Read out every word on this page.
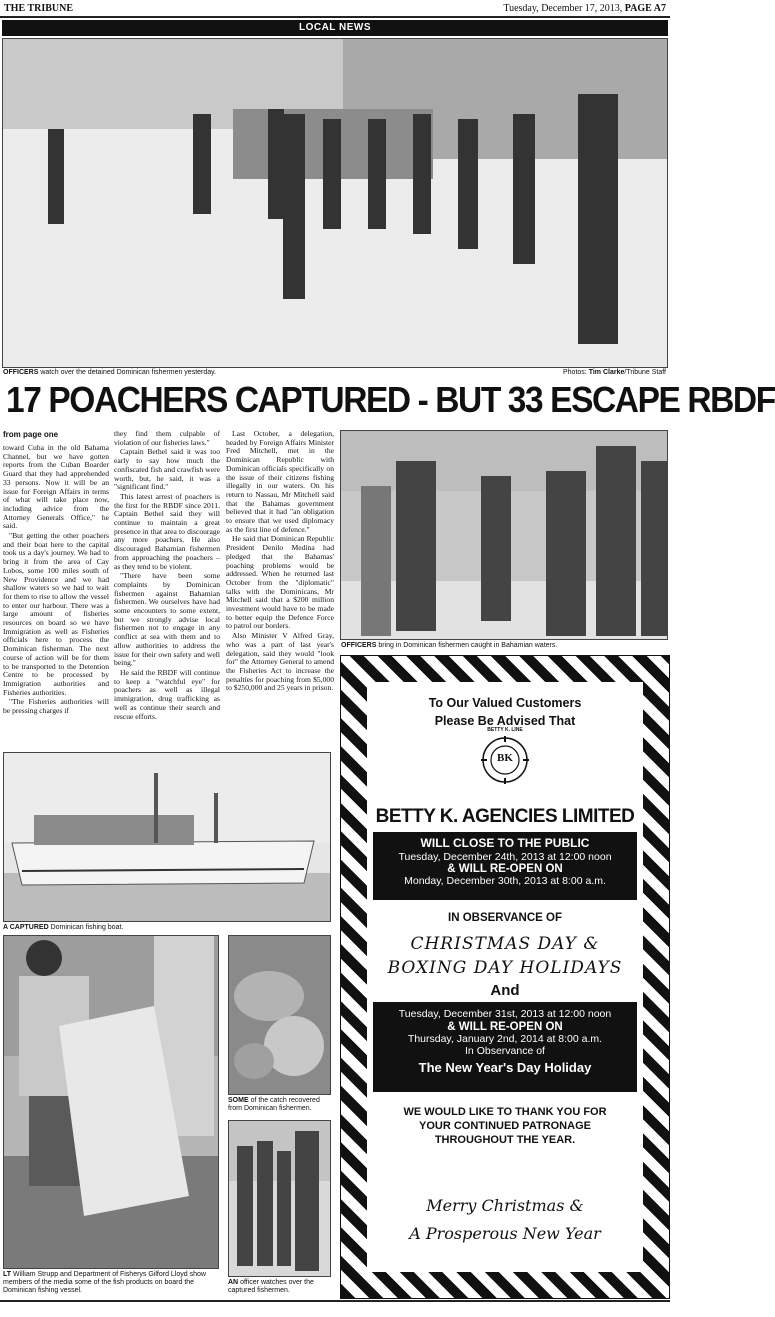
THE TRIBUNE	Tuesday, December 17, 2013, PAGE A7
LOCAL NEWS
OFFICERS watch over the detained Dominican fishermen yesterday.	Photos: Tim Clarke/Tribune Staff
17 POACHERS CAPTURED - BUT 33 ESCAPE RBDF
from page one

toward Cuba in the old Bahama Channel, but we have gotten reports from the Cuban Boarder Guard that they had apprehended 33 persons. Now it will be an issue for Foreign Affairs in terms of what will take place now, including advice from the Attorney Generals Office," he said.

"But getting the other poachers and their boat here to the capital took us a day's journey. We had to bring it from the area of Cay Lobos, some 100 miles south of New Providence and we had shallow waters so we had to wait for them to rise to allow the vessel to enter our harbour. There was a large amount of fisheries resources on board so we have Immigration as well as Fisheries officials here to process the Dominican fisherman. The next course of action will be for them to be transported to the Detention Centre to be processed by Immigration authorities and Fisheries authorities.

"The Fisheries authorities will be pressing charges if

they find them culpable of violation of our fisheries laws."

Captain Bethel said it was too early to say how much the confiscated fish and crawfish were worth, but, he said, it was a "significant find."

This latest arrest of poachers is the first for the RBDF since 2011. Captain Bethel said they will continue to maintain a great presence in that area to discourage any more poachers. He also discouraged Bahamian fishermen from approaching the poachers – as they tend to be violent.

"There have been some complaints by Dominican fishermen against Bahamian fishermen. We ourselves have had some encounters to some extent, but we strongly advise local fishermen not to engage in any conflict at sea with them and to allow authorities to address the issue for their own safety and well being."

He said the RBDF will continue to keep a "watchful eye" for poachers as well as illegal immigration, drug trafficking as well as continue their search and rescue efforts.

Last October, a delegation, headed by Foreign Affairs Minister Fred Mitchell, met in the Dominican Republic with Dominican officials specifically on the issue of their citizens fishing illegally in our waters. On his return to Nassau, Mr Mitchell said that the Bahamas government believed that it had "an obligation to ensure that we used diplomacy as the first line of defence."

He said that Dominican Republic President Denilo Medina had pledged that the Bahamas' poaching problems would be addressed. When he returned last October from the "diplomatic" talks with the Dominicans, Mr Mitchell said that a $200 million investment would have to be made to better equip the Defence Force to patrol our borders.

Also Minister V Alfred Gray, who was a part of last year's delegation, said they would "look for" the Attorney General to amend the Fisheries Act to increase the penalties for poaching from $5,000 to $250,000 and 25 years in prison.

OFFICERS bring in Dominican fishermen caught in Bahamian waters.
A CAPTURED Dominican fishing boat.
LT William Strupp and Department of Fisherys Gilford Lloyd show members of the media some of the fish products on board the Dominican fishing vessel.
SOME of the catch recovered from Dominican fishermen.
AN officer watches over the captured fishermen.
To Our Valued Customers
Please Be Advised That
BK
BETTY K. LINE
BETTY K. AGENCIES LIMITED
WILL CLOSE TO THE PUBLIC
Tuesday, December 24th, 2013 at 12:00 noon
& WILL RE-OPEN ON
Monday, December 30th, 2013 at 8:00 a.m.
IN OBSERVANCE OF
CHRISTMAS DAY &
BOXING DAY HOLIDAYS
And
Tuesday, December 31st, 2013 at 12:00 noon
& WILL RE-OPEN ON
Thursday, January 2nd, 2014 at 8:00 a.m.
In Observance of
The New Year's Day Holiday
WE WOULD LIKE TO THANK YOU FOR
YOUR CONTINUED PATRONAGE
THROUGHOUT THE YEAR.
Merry Christmas &
A Prosperous New Year
